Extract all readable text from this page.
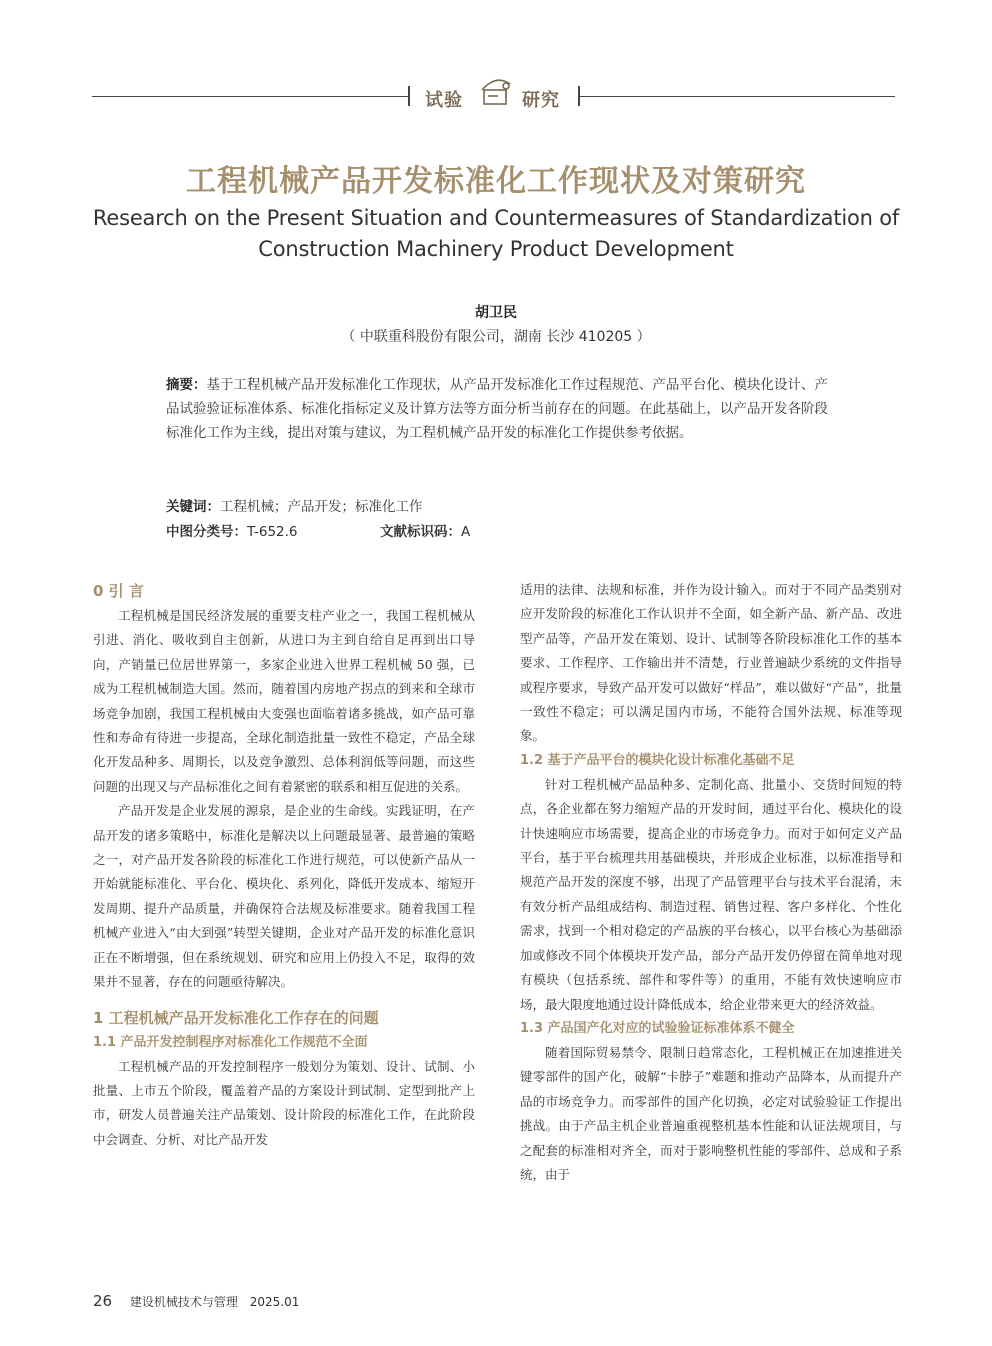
试验	研究
工程机械产品开发标准化工作现状及对策研究
Research on the Present Situation and Countermeasures of Standardization of Construction Machinery Product Development
胡卫民
（ 中联重科股份有限公司，湖南 长沙 410205 ）
摘要：基于工程机械产品开发标准化工作现状，从产品开发标准化工作过程规范、产品平台化、模块化设计、产品试验验证标准体系、标准化指标定义及计算方法等方面分析当前存在的问题。在此基础上，以产品开发各阶段标准化工作为主线，提出对策与建议，为工程机械产品开发的标准化工作提供参考依据。
关键词：工程机械；产品开发；标准化工作
中图分类号：T-652.6	文献标识码：A
0 引 言

工程机械是国民经济发展的重要支柱产业之一，我国工程机械从引进、消化、吸收到自主创新，从进口为主到自给自足再到出口导向，产销量已位居世界第一，多家企业进入世界工程机械 50 强，已成为工程机械制造大国。然而，随着国内房地产拐点的到来和全球市场竞争加剧，我国工程机械由大变强也面临着诸多挑战，如产品可靠性和寿命有待进一步提高，全球化制造批量一致性不稳定，产品全球化开发品种多、周期长，以及竞争激烈、总体利润低等问题，而这些问题的出现又与产品标准化之间有着紧密的联系和相互促进的关系。

产品开发是企业发展的源泉，是企业的生命线。实践证明，在产品开发的诸多策略中，标准化是解决以上问题最显著、最普遍的策略之一，对产品开发各阶段的标准化工作进行规范，可以使新产品从一开始就能标准化、平台化、模块化、系列化，降低开发成本、缩短开发周期、提升产品质量，并确保符合法规及标准要求。随着我国工程机械产业进入“由大到强”转型关键期，企业对产品开发的标准化意识正在不断增强，但在系统规划、研究和应用上仍投入不足，取得的效果并不显著，存在的问题亟待解决。

1 工程机械产品开发标准化工作存在的问题
1.1 产品开发控制程序对标准化工作规范不全面

工程机械产品的开发控制程序一般划分为策划、设计、试制、小批量、上市五个阶段，覆盖着产品的方案设计到试制、定型到批产上市，研发人员普遍关注产品策划、设计阶段的标准化工作，在此阶段中会调查、分析、对比产品开发

适用的法律、法规和标准，并作为设计输入。而对于不同产品类别对应开发阶段的标准化工作认识并不全面，如全新产品、新产品、改进型产品等，产品开发在策划、设计、试制等各阶段标准化工作的基本要求、工作程序、工作输出并不清楚，行业普遍缺少系统的文件指导或程序要求，导致产品开发可以做好“样品”，难以做好“产品”，批量一致性不稳定；可以满足国内市场，不能符合国外法规、标准等现象。

1.2 基于产品平台的模块化设计标准化基础不足

针对工程机械产品品种多、定制化高、批量小、交货时间短的特点，各企业都在努力缩短产品的开发时间，通过平台化、模块化的设计快速响应市场需要，提高企业的市场竞争力。而对于如何定义产品平台，基于平台梳理共用基础模块，并形成企业标准，以标准指导和规范产品开发的深度不够，出现了产品管理平台与技术平台混淆，未有效分析产品组成结构、制造过程、销售过程、客户多样化、个性化需求，找到一个相对稳定的产品族的平台核心，以平台核心为基础添加或修改不同个体模块开发产品，部分产品开发仍停留在简单地对现有模块（包括系统、部件和零件等）的重用，不能有效快速响应市场，最大限度地通过设计降低成本，给企业带来更大的经济效益。

1.3 产品国产化对应的试验验证标准体系不健全

随着国际贸易禁令、限制日趋常态化，工程机械正在加速推进关键零部件的国产化，破解“卡脖子”难题和推动产品降本，从而提升产品的市场竞争力。而零部件的国产化切换，必定对试验验证工作提出挑战。由于产品主机企业普遍重视整机基本性能和认证法规项目，与之配套的标准相对齐全，而对于影响整机性能的零部件、总成和子系统，由于

26 建设机械技术与管理 2025.01
